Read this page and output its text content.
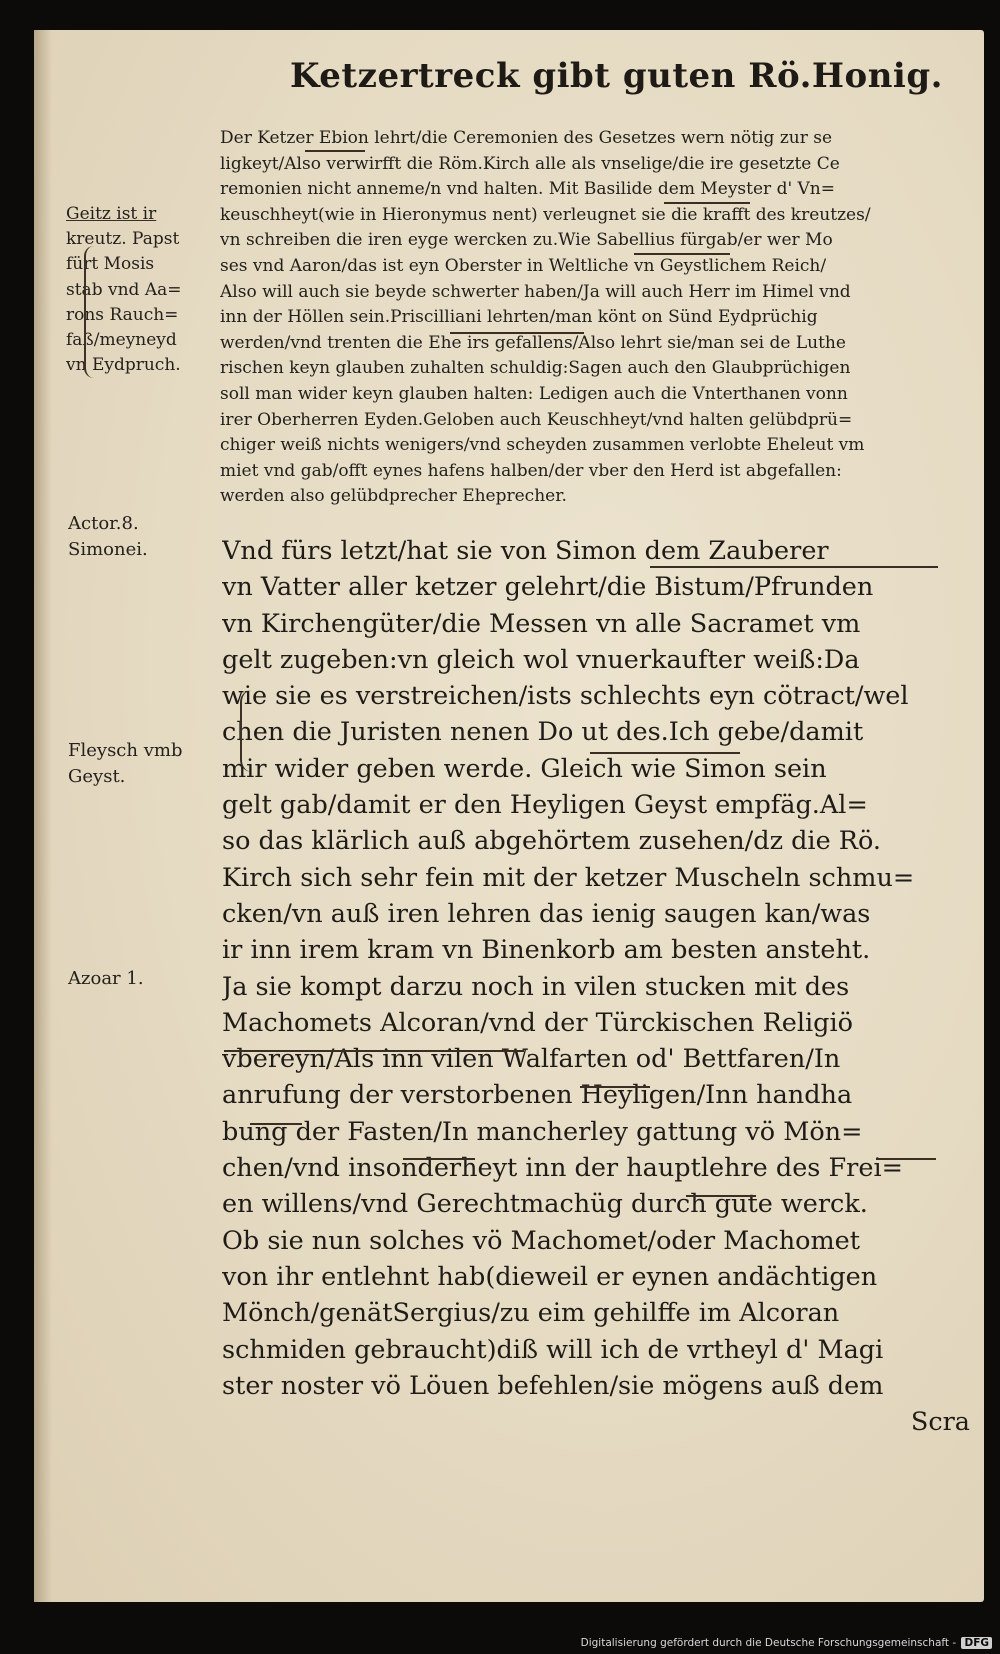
Ketzertreck gibt guten Rö.Honig.
Der Ketzer Ebion lehrt/die Ceremonien des Gesetzes wern nötig zur se
ligkeyt/Also verwirfft die Röm.Kirch alle als vnselige/die ire gesetzte Ce
remonien nicht anneme/n vnd halten. Mit Basilide dem Meyster d' Vn=
keuschheyt(wie in Hieronymus nent) verleugnet sie die krafft des kreutzes/
vn schreiben die iren eyge wercken zu.Wie Sabellius fürgab/er wer Mo
ses vnd Aaron/das ist eyn Oberster in Weltliche vn Geystlichem Reich/
Also will auch sie beyde schwerter haben/Ja will auch Herr im Himel vnd
inn der Höllen sein.Priscilliani lehrten/man könt on Sünd Eydprüchig
werden/vnd trenten die Ehe irs gefallens/Also lehrt sie/man sei de Luthe
rischen keyn glauben zuhalten schuldig:Sagen auch den Glaubprüchigen
soll man wider keyn glauben halten: Ledigen auch die Vnterthanen vonn
irer Oberherren Eyden.Geloben auch Keuschheyt/vnd halten gelübdprü=
chiger weiß nichts wenigers/vnd scheyden zusammen verlobte Eheleut vm
miet vnd gab/offt eynes hafens halben/der vber den Herd ist abgefallen:
werden also gelübdprecher Eheprecher.
Vnd fürs letzt/hat sie von Simon dem Zauberer
vn Vatter aller ketzer gelehrt/die Bistum/Pfrunden
vn Kirchengüter/die Messen vn alle Sacramet vm
gelt zugeben:vn gleich wol vnuerkaufter weiß:Da
wie sie es verstreichen/ists schlechts eyn cötract/wel
chen die Juristen nenen Do ut des.Ich gebe/damit
mir wider geben werde. Gleich wie Simon sein
gelt gab/damit er den Heyligen Geyst empfäg.Al=
so das klärlich auß abgehörtem zusehen/dz die Rö.
Kirch sich sehr fein mit der ketzer Muscheln schmu=
cken/vn auß iren lehren das ienig saugen kan/was
ir inn irem kram vn Binenkorb am besten ansteht.
Ja sie kompt darzu noch in vilen stucken mit des
Machomets Alcoran/vnd der Türckischen Religiö
vbereyn/Als inn vilen Walfarten od' Bettfaren/In
anrufung der verstorbenen Heyligen/Inn handha
bung der Fasten/In mancherley gattung vö Mön=
chen/vnd insonderheyt inn der hauptlehre des Frei=
en willens/vnd Gerechtmachüg durch gute werck.
Ob sie nun solches vö Machomet/oder Machomet
von ihr entlehnt hab(dieweil er eynen andächtigen
Mönch/genätSergius/zu eim gehilffe im Alcoran
schmiden gebraucht)diß will ich de vrtheyl d' Magi
ster noster vö Löuen befehlen/sie mögens auß dem
Scra
Geitz ist ir
kreutz. Papst
fürt Mosis
stab vnd Aa=
rons Rauch=
faß/meyneyd
vn Eydpruch.
Actor.8.
Simonei.
Fleysch vmb
Geyst.
Azoar 1.
Digitalisierung gefördert durch die Deutsche Forschungsgemeinschaft - DFG
